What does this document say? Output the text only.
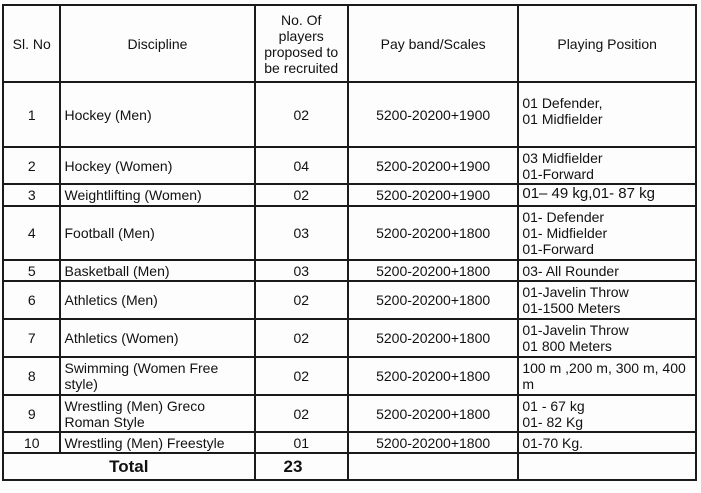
Sl. No	Discipline	No. Of players proposed to be recruited	Pay band/Scales	Playing Position
1	Hockey (Men)	02	5200-20200+1900	01 Defender,
01 Midfielder
2	Hockey (Women)	04	5200-20200+1900	03 Midfielder
01-Forward
3	Weightlifting (Women)	02	5200-20200+1900	01– 49 kg,01- 87 kg
4	Football (Men)	03	5200-20200+1800	01- Defender
01- Midfielder
01-Forward
5	Basketball (Men)	03	5200-20200+1800	03- All Rounder
6	Athletics (Men)	02	5200-20200+1800	01-Javelin Throw
01-1500 Meters
7	Athletics (Women)	02	5200-20200+1800	01-Javelin Throw
01 800 Meters
8	Swimming (Women Free style)	02	5200-20200+1800	100 m ,200 m, 300 m, 400 m
9	Wrestling (Men) Greco Roman Style	02	5200-20200+1800	01 - 67 kg
01- 82 Kg
10	Wrestling (Men) Freestyle	01	5200-20200+1800	01-70 Kg.
Total		23		
